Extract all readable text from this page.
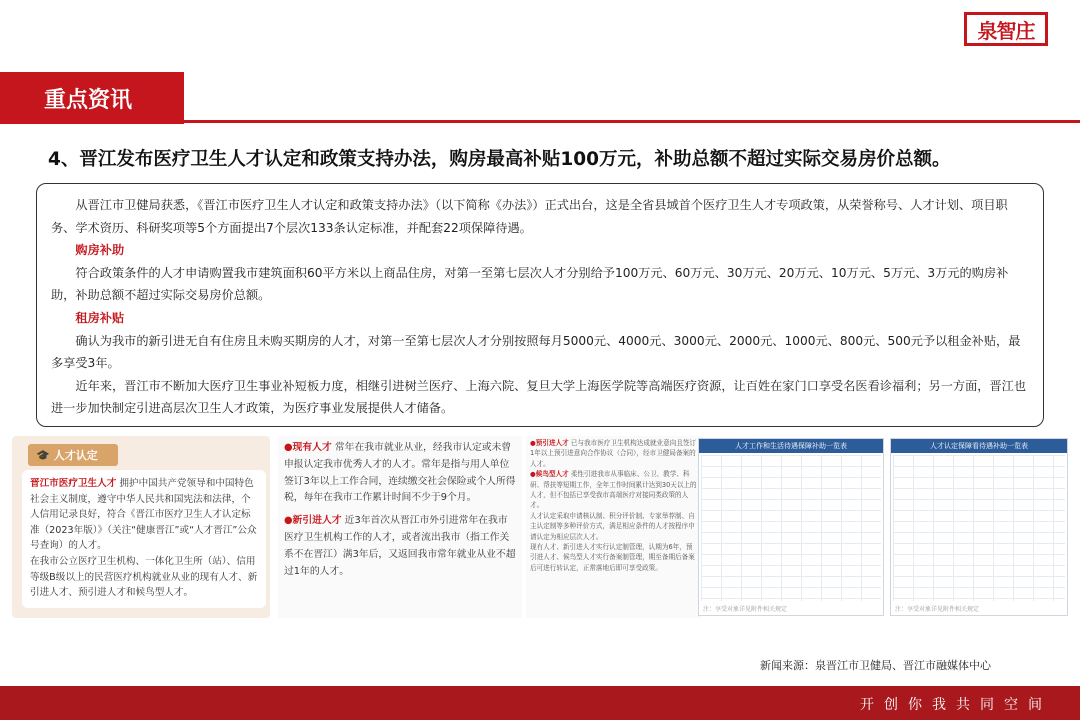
泉智庄
重点资讯
4、晋江发布医疗卫生人才认定和政策支持办法，购房最高补贴100万元，补助总额不超过实际交易房价总额。

从晋江市卫健局获悉，《晋江市医疗卫生人才认定和政策支持办法》（以下简称《办法》）正式出台，这是全省县域首个医疗卫生人才专项政策，从荣誉称号、人才计划、项目职务、学术资历、科研奖项等5个方面提出7个层次133条认定标准，并配套22项保障待遇。

购房补助

符合政策条件的人才申请购置我市建筑面积60平方米以上商品住房，对第一至第七层次人才分别给予100万元、60万元、30万元、20万元、10万元、5万元、3万元的购房补助，补助总额不超过实际交易房价总额。

租房补贴

确认为我市的新引进无自有住房且未购买期房的人才，对第一至第七层次人才分别按照每月5000元、4000元、3000元、2000元、1000元、800元、500元予以租金补贴，最多享受3年。

近年来，晋江市不断加大医疗卫生事业补短板力度，相继引进树兰医疗、上海六院、复旦大学上海医学院等高端医疗资源，让百姓在家门口享受名医看诊福利；另一方面，晋江也进一步加快制定引进高层次卫生人才政策，为医疗事业发展提供人才储备。

🎓 人才认定
晋江市医疗卫生人才 拥护中国共产党领导和中国特色社会主义制度，遵守中华人民共和国宪法和法律，个人信用记录良好，符合《晋江市医疗卫生人才认定标准（2023年版）》（关注“健康晋江”或“人才晋江”公众号查询）的人才。
在我市公立医疗卫生机构、一体化卫生所（站）、信用等级B级以上的民营医疗机构就业从业的现有人才、新引进人才、预引进人才和候鸟型人才。
●现有人才 常年在我市就业从业，经我市认定或未曾申报认定我市优秀人才的人才。常年是指与用人单位签订3年以上工作合同，连续缴交社会保险或个人所得税，每年在我市工作累计时间不少于9个月。
●新引进人才 近3年首次从晋江市外引进常年在我市医疗卫生机构工作的人才，或者流出我市（指工作关系不在晋江）满3年后，又返回我市常年就业从业不超过1年的人才。
●预引进人才 已与我市医疗卫生机构达成就业意向且签订1年以上预引进意向合作协议（合同），经市卫健局备案的人才。
●候鸟型人才 柔性引进我市从事临床、公卫、教学、科研、帮扶等短期工作，全年工作时间累计达到30天以上的人才，但不包括已享受我市高端医疗对接同类政策的人才。
人才认定采取申请核认制、积分评价制、专家举荐制、自主认定制等多种评价方式，满足相应条件的人才按程序申请认定为相应层次人才。
现有人才、新引进人才实行认定制管理，认期为6年，预引进人才、候鸟型人才实行备案制管理，期至备期后备案后可进行转认定，正常落地后即可享受政策。
人才工作和生活待遇保障补助一览表
注：享受对象详见附件相关规定
人才认定保障看待遇补助一览表
注：享受对象详见附件相关规定
新闻来源：泉晋江市卫健局、晋江市融媒体中心
开创你我共同空间
